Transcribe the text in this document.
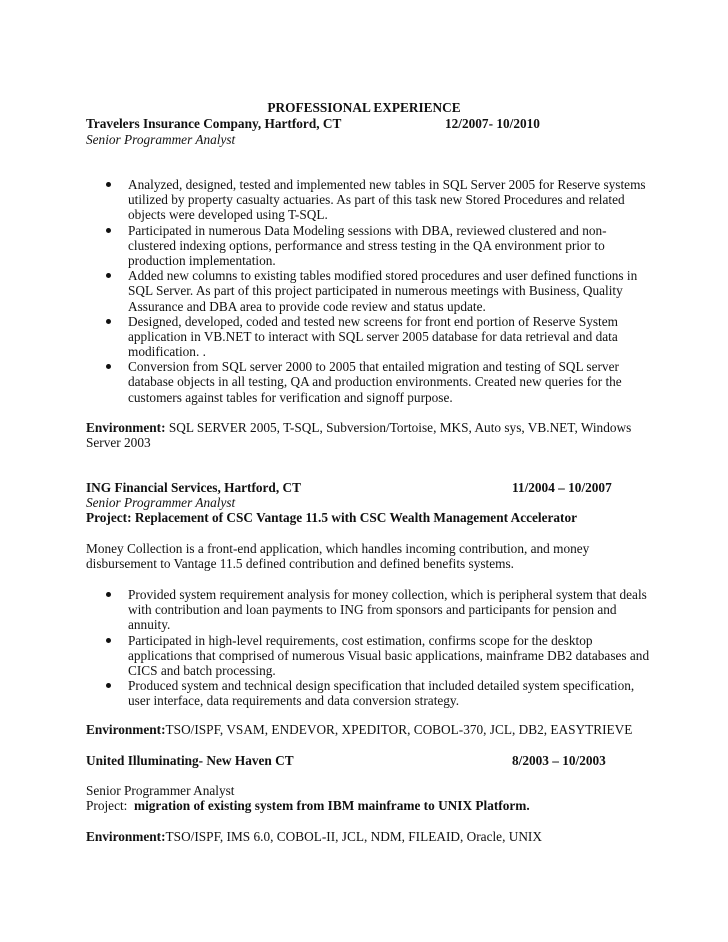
PROFESSIONAL EXPERIENCE
Travelers Insurance Company, Hartford, CT	12/2007- 10/2010
Senior Programmer Analyst
Analyzed, designed, tested and implemented new tables in SQL Server 2005 for Reserve systems
utilized by property casualty actuaries. As part of this task new Stored Procedures and related
objects were developed using T-SQL.
Participated in numerous Data Modeling sessions with DBA, reviewed clustered and non-
clustered indexing options, performance and stress testing in the QA environment prior to
production implementation.
Added new columns to existing tables modified stored procedures and user defined functions in
SQL Server. As part of this project participated in numerous meetings with Business, Quality
Assurance and DBA area to provide code review and status update.
Designed, developed, coded and tested new screens for front end portion of Reserve System
application in VB.NET to interact with SQL server 2005 database for data retrieval and data
modification. .
Conversion from SQL server 2000 to 2005 that entailed migration and testing of SQL server
database objects in all testing, QA and production environments. Created new queries for the
customers against tables for verification and signoff purpose.
Environment: SQL SERVER 2005, T-SQL, Subversion/Tortoise, MKS, Auto sys, VB.NET, Windows
Server 2003
ING Financial Services, Hartford, CT	11/2004 – 10/2007
Senior Programmer Analyst
Project: Replacement of CSC Vantage 11.5 with CSC Wealth Management Accelerator
Money Collection is a front-end application, which handles incoming contribution, and money
disbursement to Vantage 11.5 defined contribution and defined benefits systems.
Provided system requirement analysis for money collection, which is peripheral system that deals
with contribution and loan payments to ING from sponsors and participants for pension and
annuity.
Participated in high-level requirements, cost estimation, confirms scope for the desktop
applications that comprised of numerous Visual basic applications, mainframe DB2 databases and
CICS and batch processing.
Produced system and technical design specification that included detailed system specification,
user interface, data requirements and data conversion strategy.
Environment:TSO/ISPF, VSAM, ENDEVOR, XPEDITOR, COBOL-370, JCL, DB2, EASYTRIEVE
United Illuminating- New Haven CT	8/2003 – 10/2003
Senior Programmer Analyst
Project: migration of existing system from IBM mainframe to UNIX Platform.
Environment:TSO/ISPF, IMS 6.0, COBOL-II, JCL, NDM, FILEAID, Oracle, UNIX
